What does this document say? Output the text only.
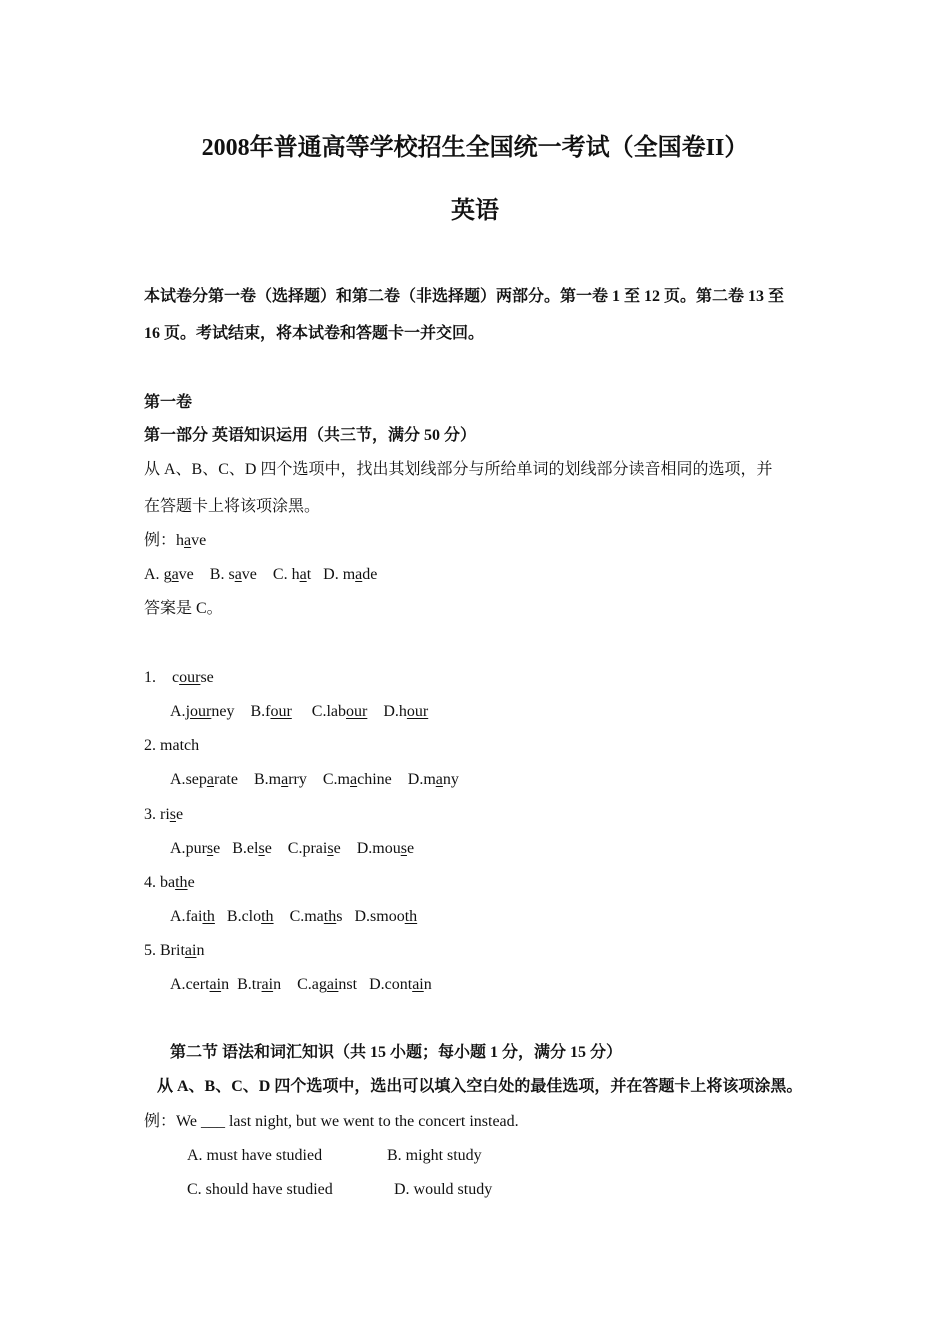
2008年普通高等学校招生全国统一考试（全国卷II）
英语
本试卷分第一卷（选择题）和第二卷（非选择题）两部分。第一卷 1 至 12 页。第二卷 13 至
16 页。考试结束，将本试卷和答题卡一并交回。
第一卷
第一部分 英语知识运用（共三节，满分 50 分）
从 A、B、C、D 四个选项中，找出其划线部分与所给单词的划线部分读音相同的选项，并
在答题卡上将该项涂黑。
例：have
A. gave B. save C. hat D. made
答案是 C。
1. course
A.journey B.four C.labour D.hour
2. match
A.separate B.marry C.machine D.many
3. rise
A.purse B.else C.praise D.mouse
4. bathe
A.faith B.cloth C.maths D.smooth
5. Britain
A.certain B.train C.against D.contain
第二节 语法和词汇知识（共 15 小题；每小题 1 分，满分 15 分）
从 A、B、C、D 四个选项中，选出可以填入空白处的最佳选项，并在答题卡上将该项涂黑。
例：We ___ last night, but we went to the concert instead.
A. must have studied	B. might study
C. should have studied	D. would study
